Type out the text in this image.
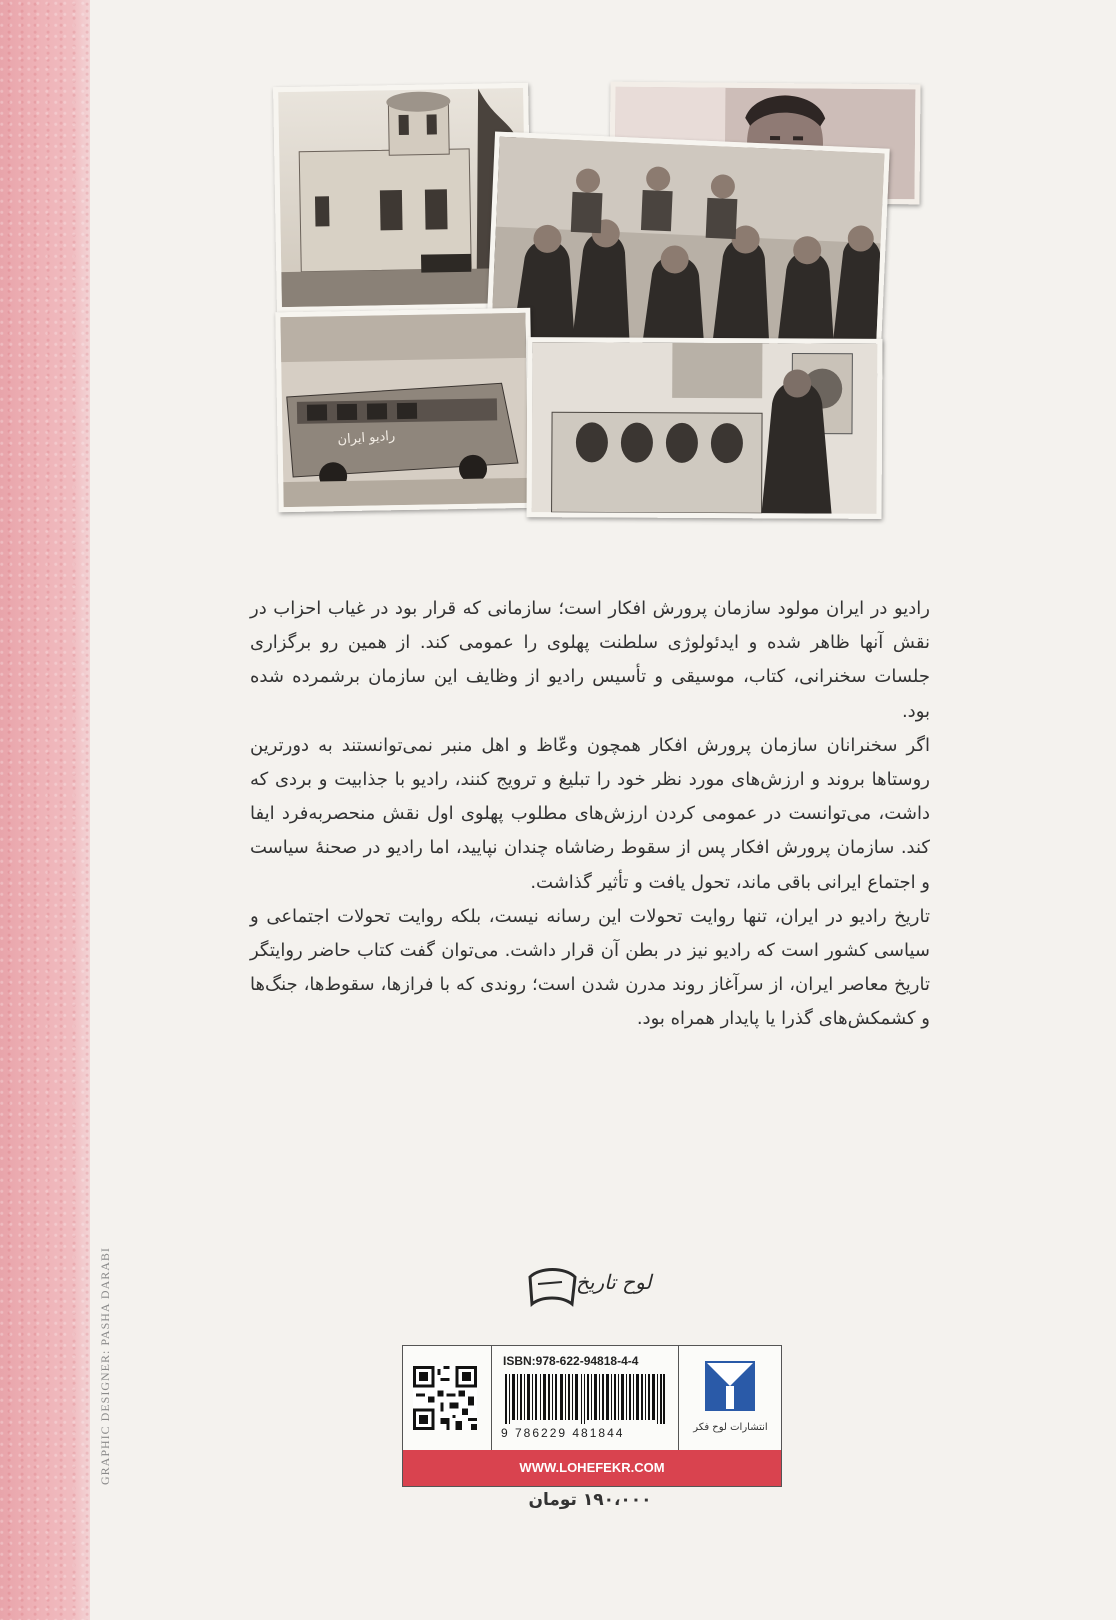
GRAPHIC DESIGNER: PASHA DARABI
رادیو ایران

رادیو در ایران مولود سازمان پرورش افکار است؛ سازمانی که قرار بود در غیاب احزاب در نقش آنها ظاهر شده و ایدئولوژی سلطنت پهلوی را عمومی کند. از همین رو برگزاری جلسات سخنرانی، کتاب، موسیقی و تأسیس رادیو از وظایف این سازمان برشمرده شده بود.

اگر سخنرانان سازمان پرورش افکار همچون وعّاظ و اهل منبر نمی‌توانستند به دورترین روستاها بروند و ارزش‌های مورد نظر خود را تبلیغ و ترویج کنند، رادیو با جذابیت و بردی که داشت، می‌توانست در عمومی کردن ارزش‌های مطلوب پهلوی اول نقش منحصربه‌فرد ایفا کند. سازمان پرورش افکار پس از سقوط رضاشاه چندان نپایید، اما رادیو در صحنهٔ سیاست و اجتماع ایرانی باقی ماند، تحول یافت و تأثیر گذاشت.

تاریخ رادیو در ایران، تنها روایت تحولات این رسانه نیست، بلکه روایت تحولات اجتماعی و سیاسی کشور است که رادیو نیز در بطن آن قرار داشت. می‌توان گفت کتاب حاضر روایتگر تاریخ معاصر ایران، از سرآغاز روند مدرن شدن است؛ روندی که با فرازها، سقوط‌ها، جنگ‌ها و کشمکش‌های گذرا یا پایدار همراه بود.

لوح تاریخ
ISBN:978-622-94818-4-4
9 786229 481844	انتشارات لوح فکر
WWW.LOHEFEKR.COM
۱۹۰،۰۰۰ تومان
